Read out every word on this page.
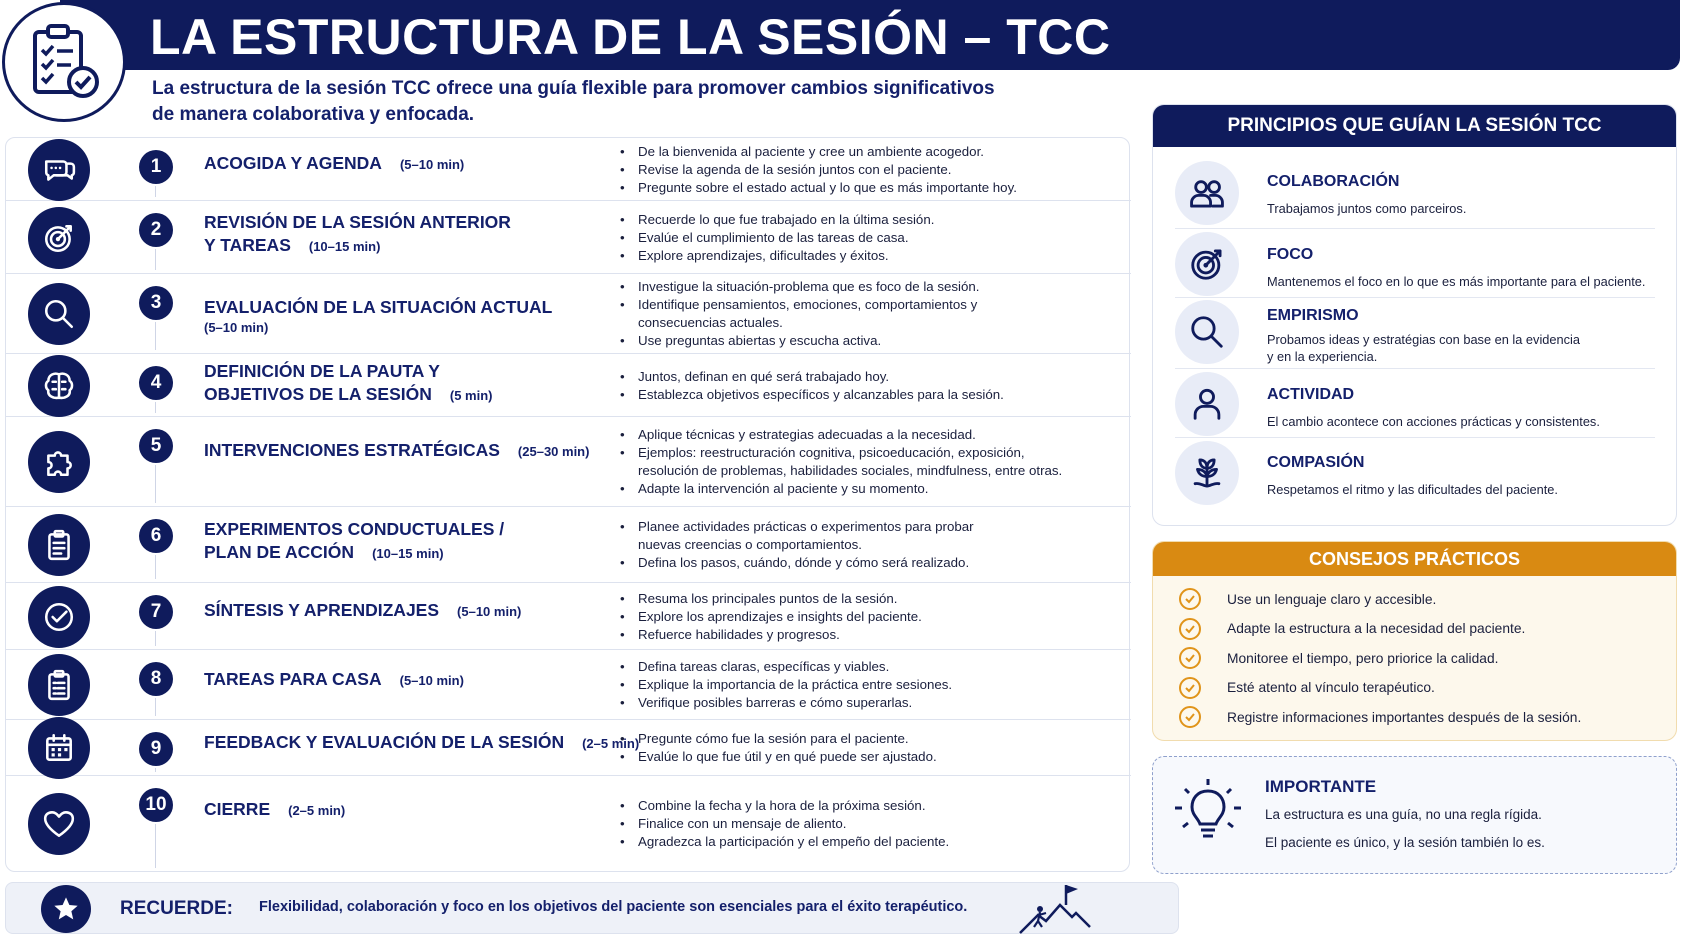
LA ESTRUCTURA DE LA SESIÓN – TCC
La estructura de la sesión TCC ofrece una guía flexible para promover cambios significativos
de manera colaborativa y enfocada.
1	ACOGIDA Y AGENDA (5–10 min)
• De la bienvenida al paciente y cree un ambiente acogedor.
• Revise la agenda de la sesión juntos con el paciente.
• Pregunte sobre el estado actual y lo que es más importante hoy.
2	REVISIÓN DE LA SESIÓN ANTERIOR
Y TAREAS (10–15 min)
• Recuerde lo que fue trabajado en la última sesión.
• Evalúe el cumplimiento de las tareas de casa.
• Explore aprendizajes, dificultades y éxitos.
3	EVALUACIÓN DE LA SITUACIÓN ACTUAL
(5–10 min)
• Investigue la situación-problema que es foco de la sesión.
• Identifique pensamientos, emociones, comportamientos y
consecuencias actuales.
• Use preguntas abiertas y escucha activa.
4
DEFINICIÓN DE LA PAUTA Y
OBJETIVOS DE LA SESIÓN (5 min)
• Juntos, definan en qué será trabajado hoy.
• Establezca objetivos específicos y alcanzables para la sesión.
5	INTERVENCIONES ESTRATÉGICAS (25–30 min)
• Aplique técnicas y estrategias adecuadas a la necesidad.
• Ejemplos: reestructuración cognitiva, psicoeducación, exposición,
resolución de problemas, habilidades sociales, mindfulness, entre otras.
• Adapte la intervención al paciente y su momento.
6	EXPERIMENTOS CONDUCTUALES /
PLAN DE ACCIÓN (10–15 min)
• Planee actividades prácticas o experimentos para probar
nuevas creencias o comportamientos.
• Defina los pasos, cuándo, dónde y cómo será realizado.
7	SÍNTESIS Y APRENDIZAJES (5–10 min)
• Resuma los principales puntos de la sesión.
• Explore los aprendizajes e insights del paciente.
• Refuerce habilidades y progresos.
8	TAREAS PARA CASA (5–10 min)
• Defina tareas claras, específicas y viables.
• Explique la importancia de la práctica entre sesiones.
• Verifique posibles barreras e cómo superarlas.
9	FEEDBACK Y EVALUACIÓN DE LA SESIÓN (2–5 min)
• Pregunte cómo fue la sesión para el paciente.
• Evalúe lo que fue útil y en qué puede ser ajustado.
10	CIERRE (2–5 min)
•	Combine la fecha y la hora de la próxima sesión.
• Finalice con un mensaje de aliento.
• Agradezca la participación y el empeño del paciente.
RECUERDE: Flexibilidad, colaboración y foco en los objetivos del paciente son esenciales para el éxito terapéutico.
PRINCIPIOS QUE GUÍAN LA SESIÓN TCC
COLABORACIÓN
Trabajamos juntos como parceiros.
FOCO
Mantenemos el foco en lo que es más importante para el paciente.
EMPIRISMO
Probamos ideas y estratégias con base en la evidencia
y en la experiencia.
ACTIVIDAD
El cambio acontece con acciones prácticas y consistentes.
COMPASIÓN
Respetamos el ritmo y las dificultades del paciente.
CONSEJOS PRÁCTICOS
Use un lenguaje claro y accesible.
Adapte la estructura a la necesidad del paciente.
Monitoree el tiempo, pero priorice la calidad.
Esté atento al vínculo terapéutico.
Registre informaciones importantes después de la sesión.
IMPORTANTE
La estructura es una guía, no una regla rígida.
El paciente es único, y la sesión también lo es.
